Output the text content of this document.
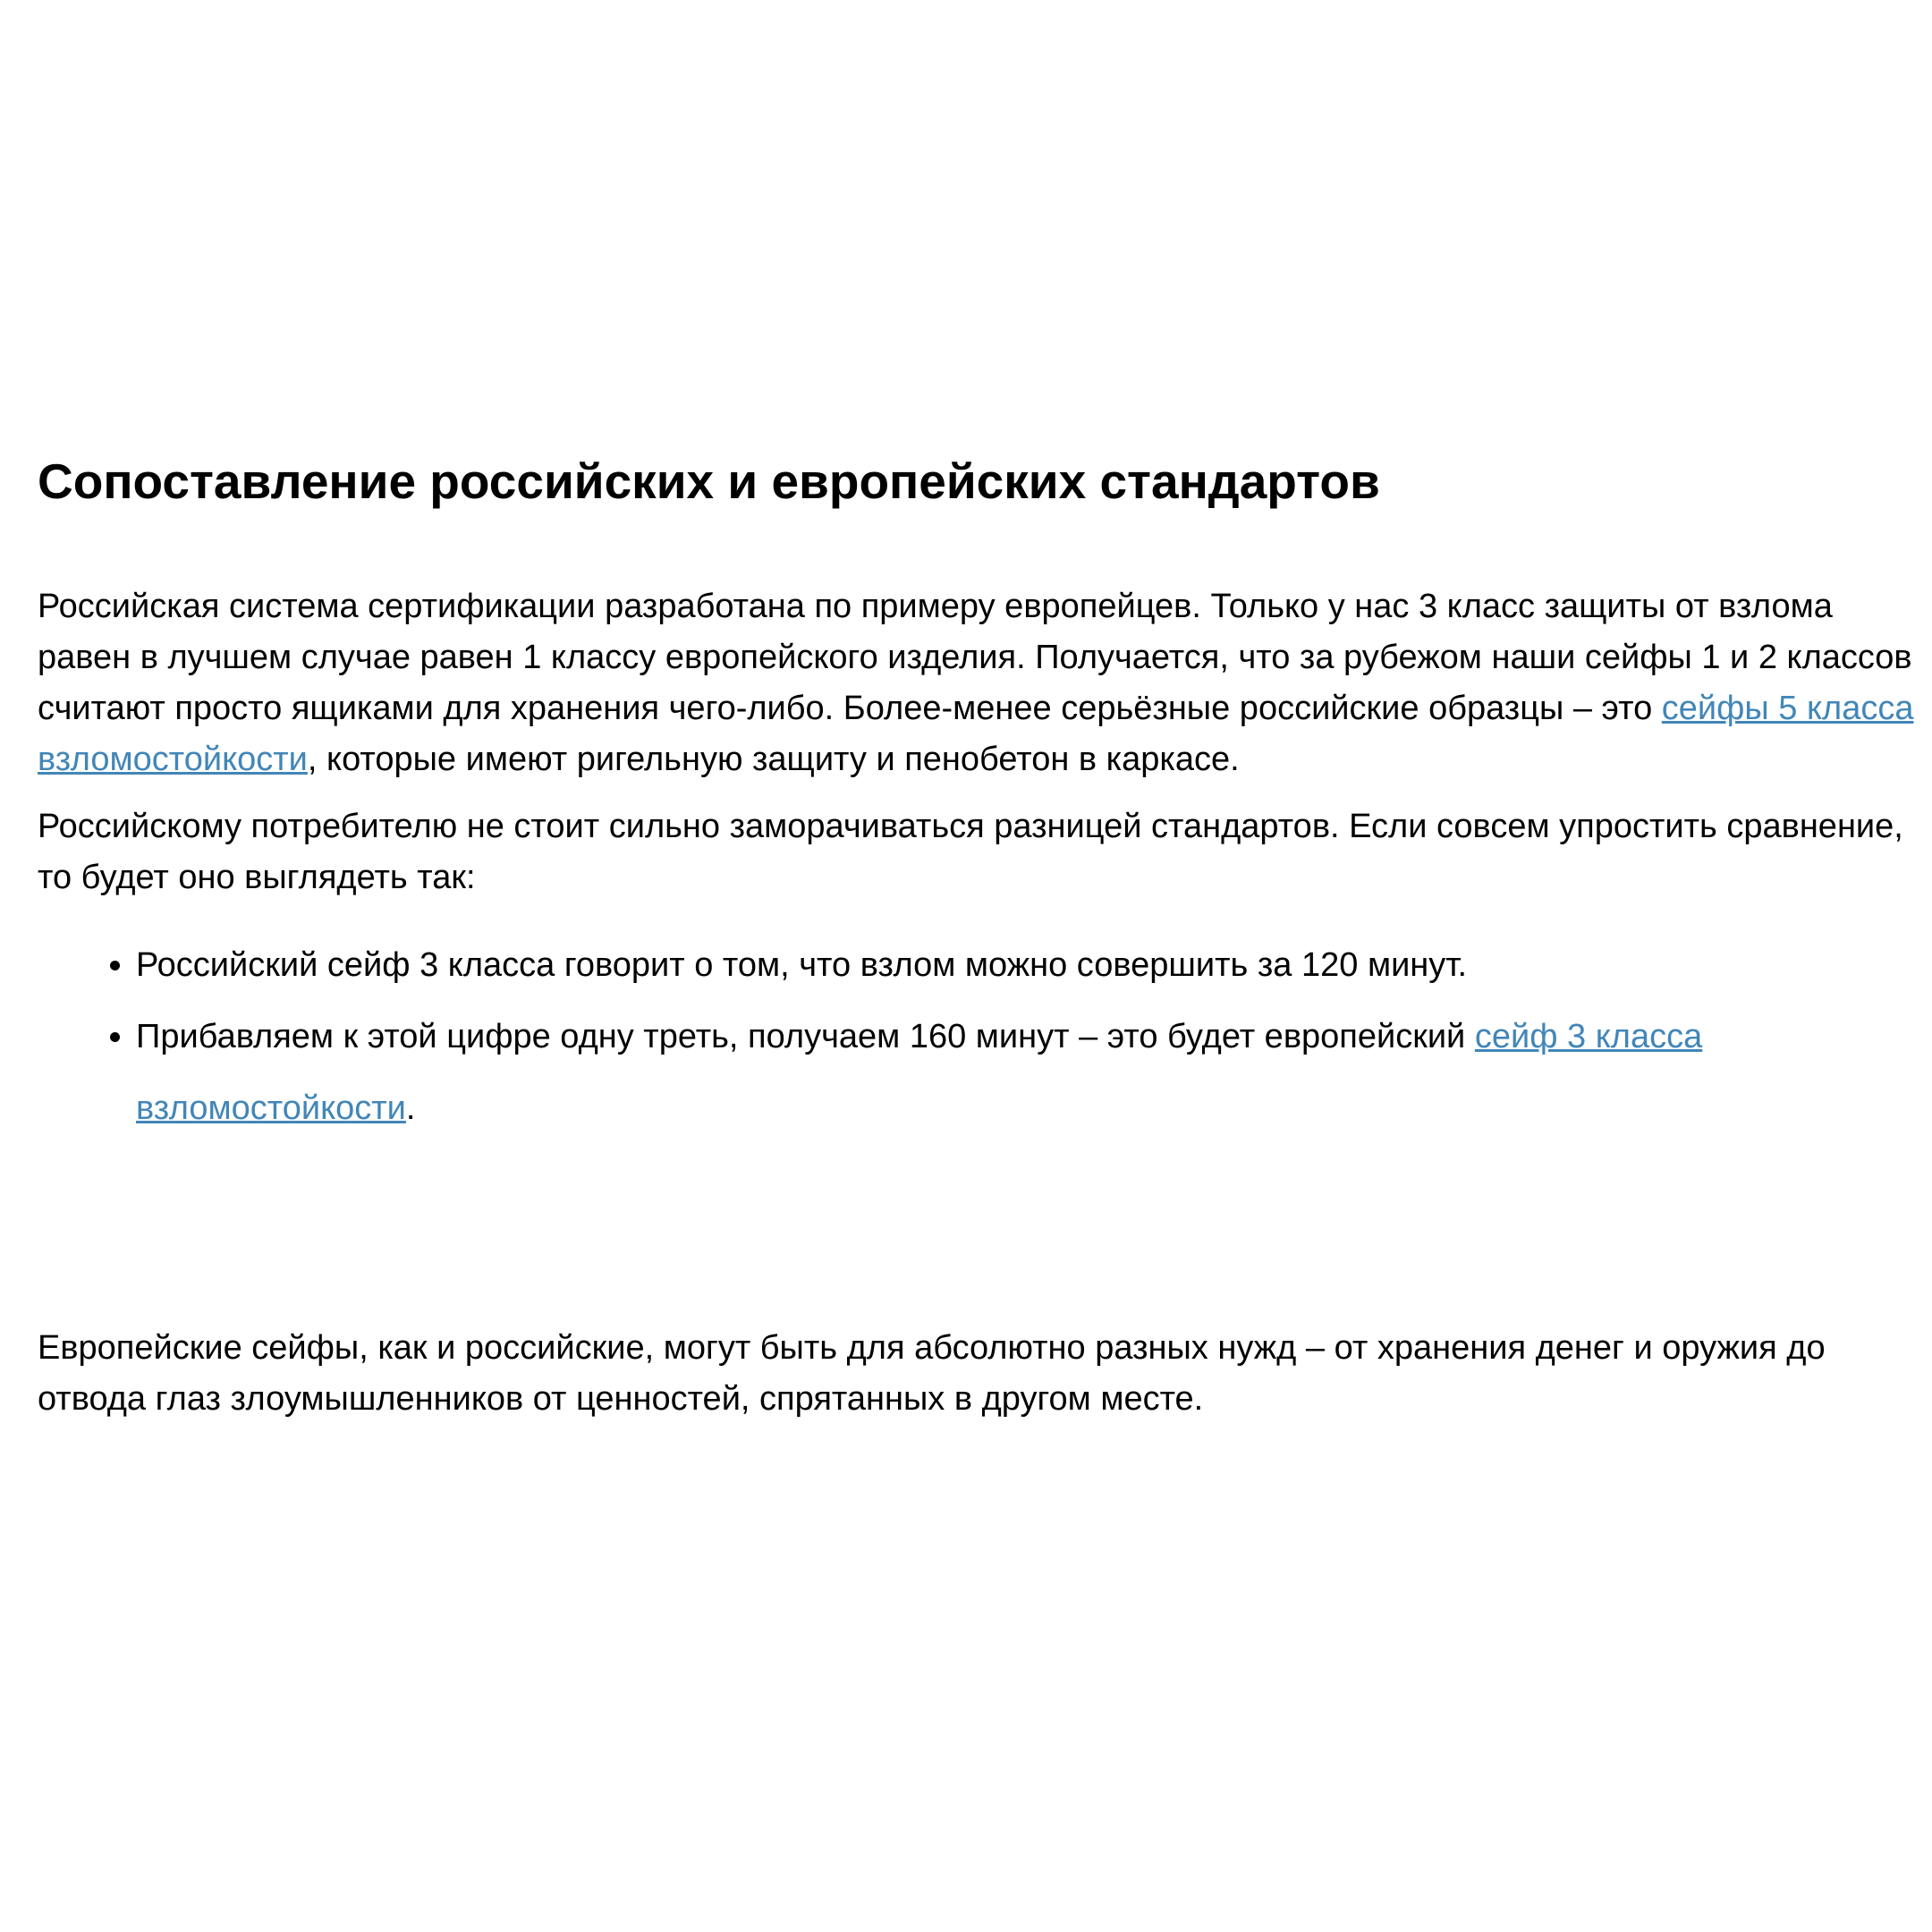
Сопоставление российских и европейских стандартов

Российская система сертификации разработана по примеру европейцев. Только у нас 3 класс защиты от взлома равен в лучшем случае равен 1 классу европейского изделия. Получается, что за рубежом наши сейфы 1 и 2 классов считают просто ящиками для хранения чего-либо. Более-менее серьёзные российские образцы – это сейфы 5 класса взломостойкости, которые имеют ригельную защиту и пенобетон в каркасе.

Российскому потребителю не стоит сильно заморачиваться разницей стандартов. Если совсем упростить сравнение, то будет оно выглядеть так:

• Российский сейф 3 класса говорит о том, что взлом можно совершить за 120 минут.
• Прибавляем к этой цифре одну треть, получаем 160 минут – это будет европейский сейф 3 класса взломостойкости.

Европейские сейфы, как и российские, могут быть для абсолютно разных нужд – от хранения денег и оружия до отвода глаз злоумышленников от ценностей, спрятанных в другом месте.
